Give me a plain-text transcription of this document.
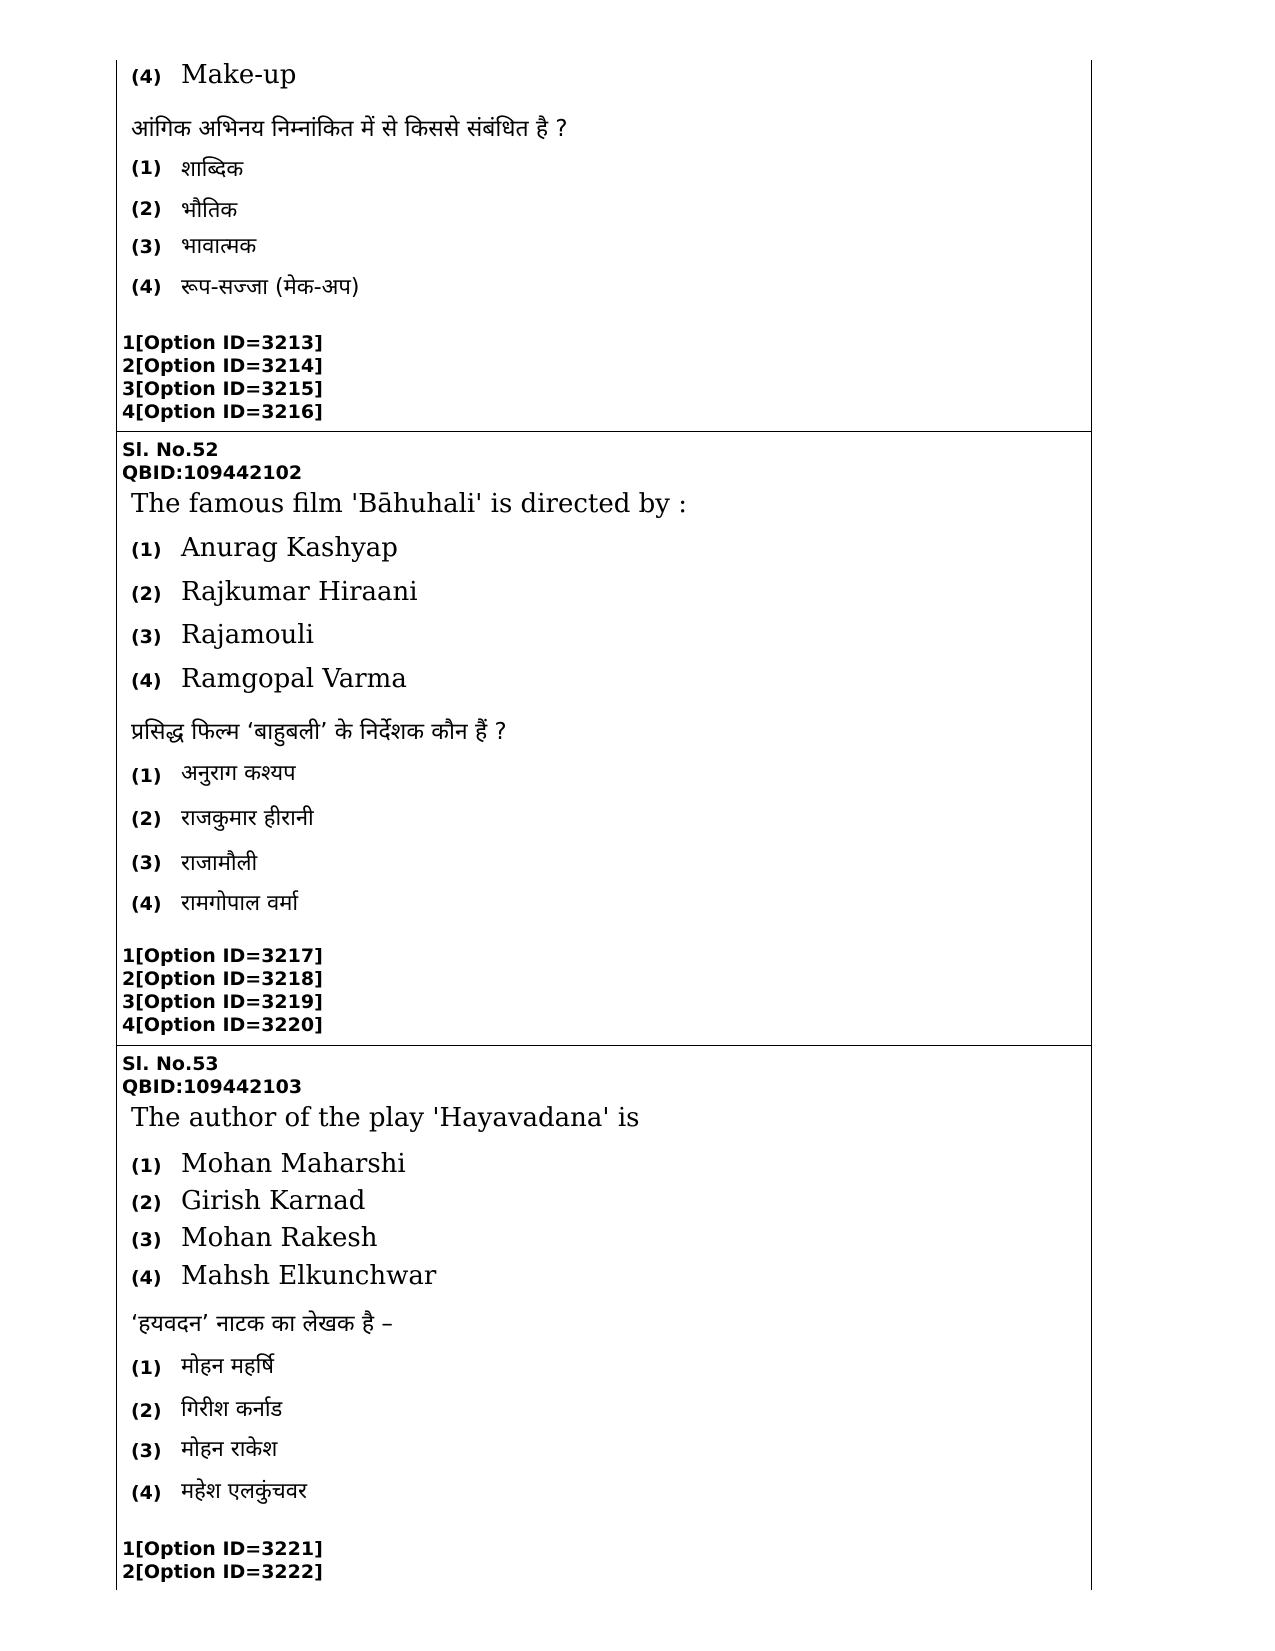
(4) Make-up
आंगिक अभिनय निम्नांकित में से किससे संबंधित है ?
(1) शाब्दिक
(2) भौतिक
(3) भावात्मक
(4) रूप-सज्जा (मेक-अप)
1[Option ID=3213]
2[Option ID=3214]
3[Option ID=3215]
4[Option ID=3216]
Sl. No.52
QBID:109442102
The famous film 'Bāhuhali' is directed by :
(1) Anurag Kashyap
(2) Rajkumar Hiraani
(3) Rajamouli
(4) Ramgopal Varma
प्रसिद्ध फिल्म ‘बाहुबली’ के निर्देशक कौन हैं ?
(1) अनुराग कश्यप
(2) राजकुमार हीरानी
(3) राजामौली
(4) रामगोपाल वर्मा
1[Option ID=3217]
2[Option ID=3218]
3[Option ID=3219]
4[Option ID=3220]
Sl. No.53
QBID:109442103
The author of the play 'Hayavadana' is
(1) Mohan Maharshi
(2) Girish Karnad
(3) Mohan Rakesh
(4) Mahsh Elkunchwar
‘हयवदन’ नाटक का लेखक है –
(1) मोहन महर्षि
(2) गिरीश कर्नाड
(3) मोहन राकेश
(4) महेश एलकुंचवर
1[Option ID=3221]
2[Option ID=3222]
